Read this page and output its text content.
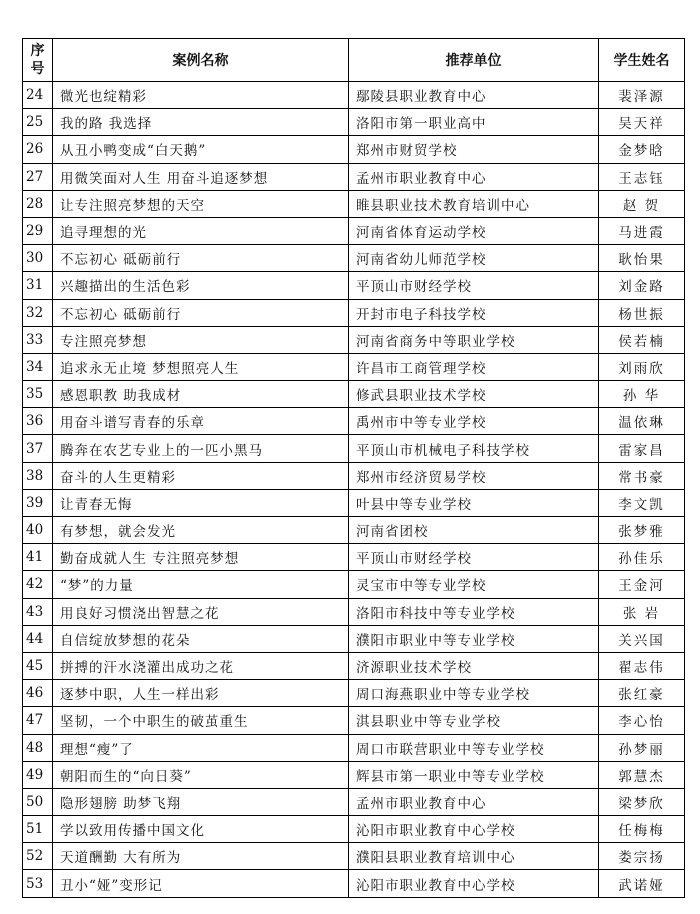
序号	案例名称	推荐单位	学生姓名
24	微光也绽精彩	鄢陵县职业教育中心	裴泽源
25	我的路 我选择	洛阳市第一职业高中	吴天祥
26	从丑小鸭变成“白天鹅”	郑州市财贸学校	金梦晗
27	用微笑面对人生 用奋斗追逐梦想	孟州市职业教育中心	王志钰
28	让专注照亮梦想的天空	睢县职业技术教育培训中心	赵 贺
29	追寻理想的光	河南省体育运动学校	马进霞
30	不忘初心 砥砺前行	河南省幼儿师范学校	耿怡果
31	兴趣描出的生活色彩	平顶山市财经学校	刘金路
32	不忘初心 砥砺前行	开封市电子科技学校	杨世振
33	专注照亮梦想	河南省商务中等职业学校	侯若楠
34	追求永无止境 梦想照亮人生	许昌市工商管理学校	刘雨欣
35	感恩职教 助我成材	修武县职业技术学校	孙 华
36	用奋斗谱写青春的乐章	禹州市中等专业学校	温依琳
37	腾奔在农艺专业上的一匹小黑马	平顶山市机械电子科技学校	雷家昌
38	奋斗的人生更精彩	郑州市经济贸易学校	常书豪
39	让青春无悔	叶县中等专业学校	李文凯
40	有梦想，就会发光	河南省团校	张梦雅
41	勤奋成就人生 专注照亮梦想	平顶山市财经学校	孙佳乐
42	“梦”的力量	灵宝市中等专业学校	王金河
43	用良好习惯浇出智慧之花	洛阳市科技中等专业学校	张 岩
44	自信绽放梦想的花朵	濮阳市职业中等专业学校	关兴国
45	拼搏的汗水浇灌出成功之花	济源职业技术学校	翟志伟
46	逐梦中职，人生一样出彩	周口海燕职业中等专业学校	张红豪
47	坚韧，一个中职生的破茧重生	淇县职业中等专业学校	李心怡
48	理想“瘦”了	周口市联营职业中等专业学校	孙梦丽
49	朝阳而生的“向日葵”	辉县市第一职业中等专业学校	郭慧杰
50	隐形翅膀 助梦飞翔	孟州市职业教育中心	梁梦欣
51	学以致用传播中国文化	沁阳市职业教育中心学校	任梅梅
52	天道酬勤 大有所为	濮阳县职业教育培训中心	娄宗扬
53	丑小“娅”变形记	沁阳市职业教育中心学校	武诺娅
